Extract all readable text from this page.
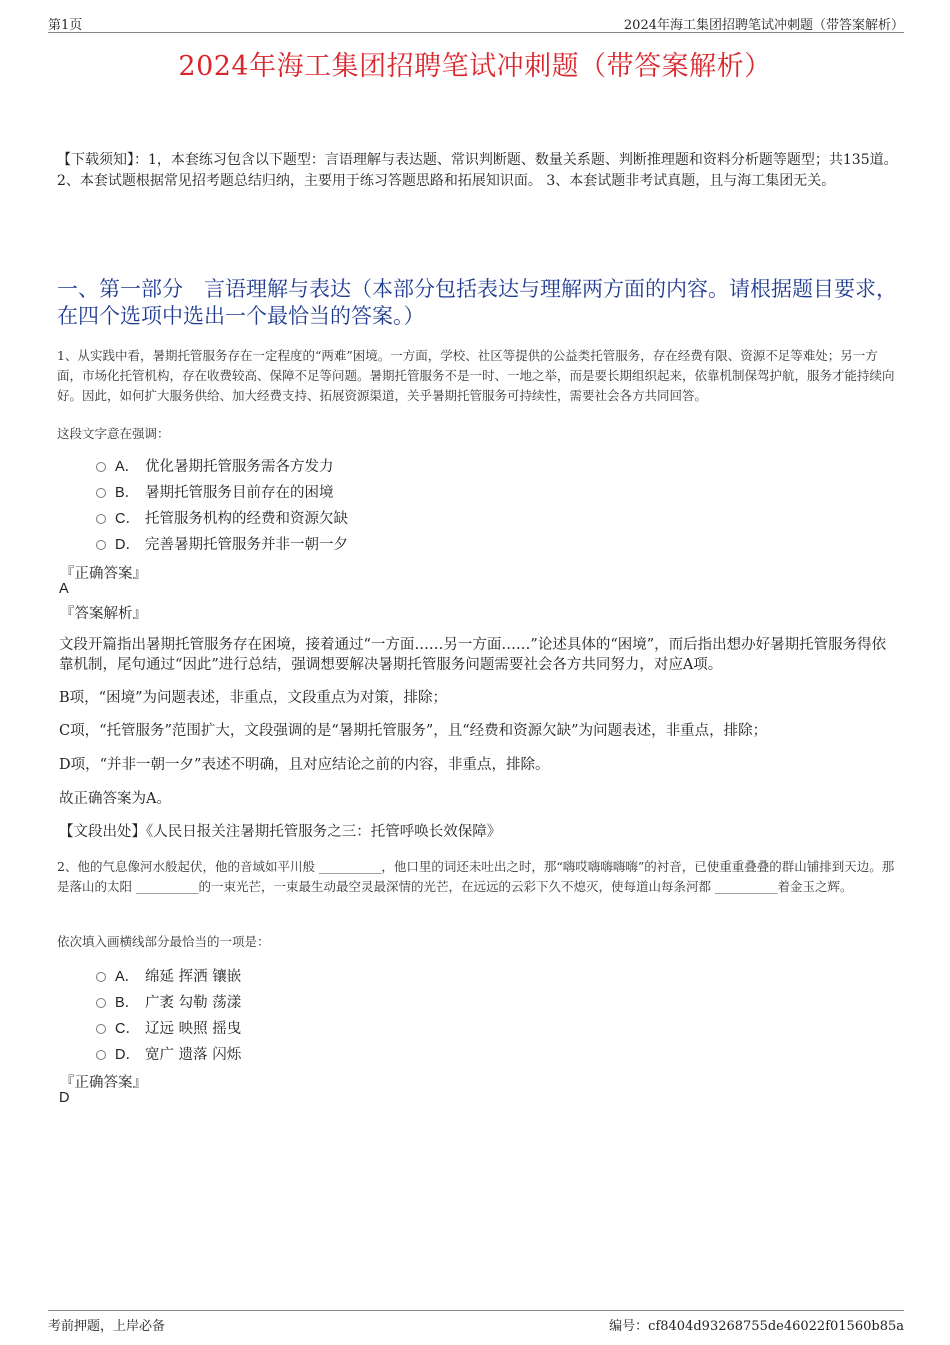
第1页	2024年海工集团招聘笔试冲刺题（带答案解析）
2024年海工集团招聘笔试冲刺题（带答案解析）
【下载须知】：1，本套练习包含以下题型：言语理解与表达题、常识判断题、数量关系题、判断推理题和资料分析题等题型；共135道。 2、本套试题根据常见招考题总结归纳，主要用于练习答题思路和拓展知识面。 3、本套试题非考试真题，且与海工集团无关。
一、第一部分　言语理解与表达（本部分包括表达与理解两方面的内容。请根据题目要求，在四个选项中选出一个最恰当的答案。）
1、从实践中看，暑期托管服务存在一定程度的“两难”困境。一方面，学校、社区等提供的公益类托管服务，存在经费有限、资源不足等难处；另一方面，市场化托管机构，存在收费较高、保障不足等问题。暑期托管服务不是一时、一地之举，而是要长期组织起来，依靠机制保驾护航，服务才能持续向好。因此，如何扩大服务供给、加大经费支持、拓展资源渠道，关乎暑期托管服务可持续性，需要社会各方共同回答。
这段文字意在强调：
A． 优化暑期托管服务需各方发力
B． 暑期托管服务目前存在的困境
C． 托管服务机构的经费和资源欠缺
D． 完善暑期托管服务并非一朝一夕
『正确答案』
A
『答案解析』
文段开篇指出暑期托管服务存在困境，接着通过“一方面……另一方面……”论述具体的“困境”，而后指出想办好暑期托管服务得依靠机制，尾句通过“因此”进行总结，强调想要解决暑期托管服务问题需要社会各方共同努力，对应A项。
B项，“困境”为问题表述，非重点，文段重点为对策，排除；
C项，“托管服务”范围扩大，文段强调的是“暑期托管服务”，且“经费和资源欠缺”为问题表述，非重点，排除；
D项，“并非一朝一夕”表述不明确，且对应结论之前的内容，非重点，排除。
故正确答案为A。
【文段出处】《人民日报关注暑期托管服务之三：托管呼唤长效保障》
2、他的气息像河水般起伏，他的音域如平川般 __________，他口里的词还未吐出之时，那“嗨哎嗨嗨嗨嗨”的衬音，已使重重叠叠的群山铺排到天边。那是落山的太阳 __________的一束光芒，一束最生动最空灵最深情的光芒，在远远的云彩下久不熄灭，使每道山每条河都 __________着金玉之辉。
依次填入画横线部分最恰当的一项是：
A． 绵延 挥洒 镶嵌
B． 广袤 勾勒 荡漾
C． 辽远 映照 摇曳
D． 宽广 遗落 闪烁
『正确答案』
D
考前押题，上岸必备	编号：cf8404d93268755de46022f01560b85a
